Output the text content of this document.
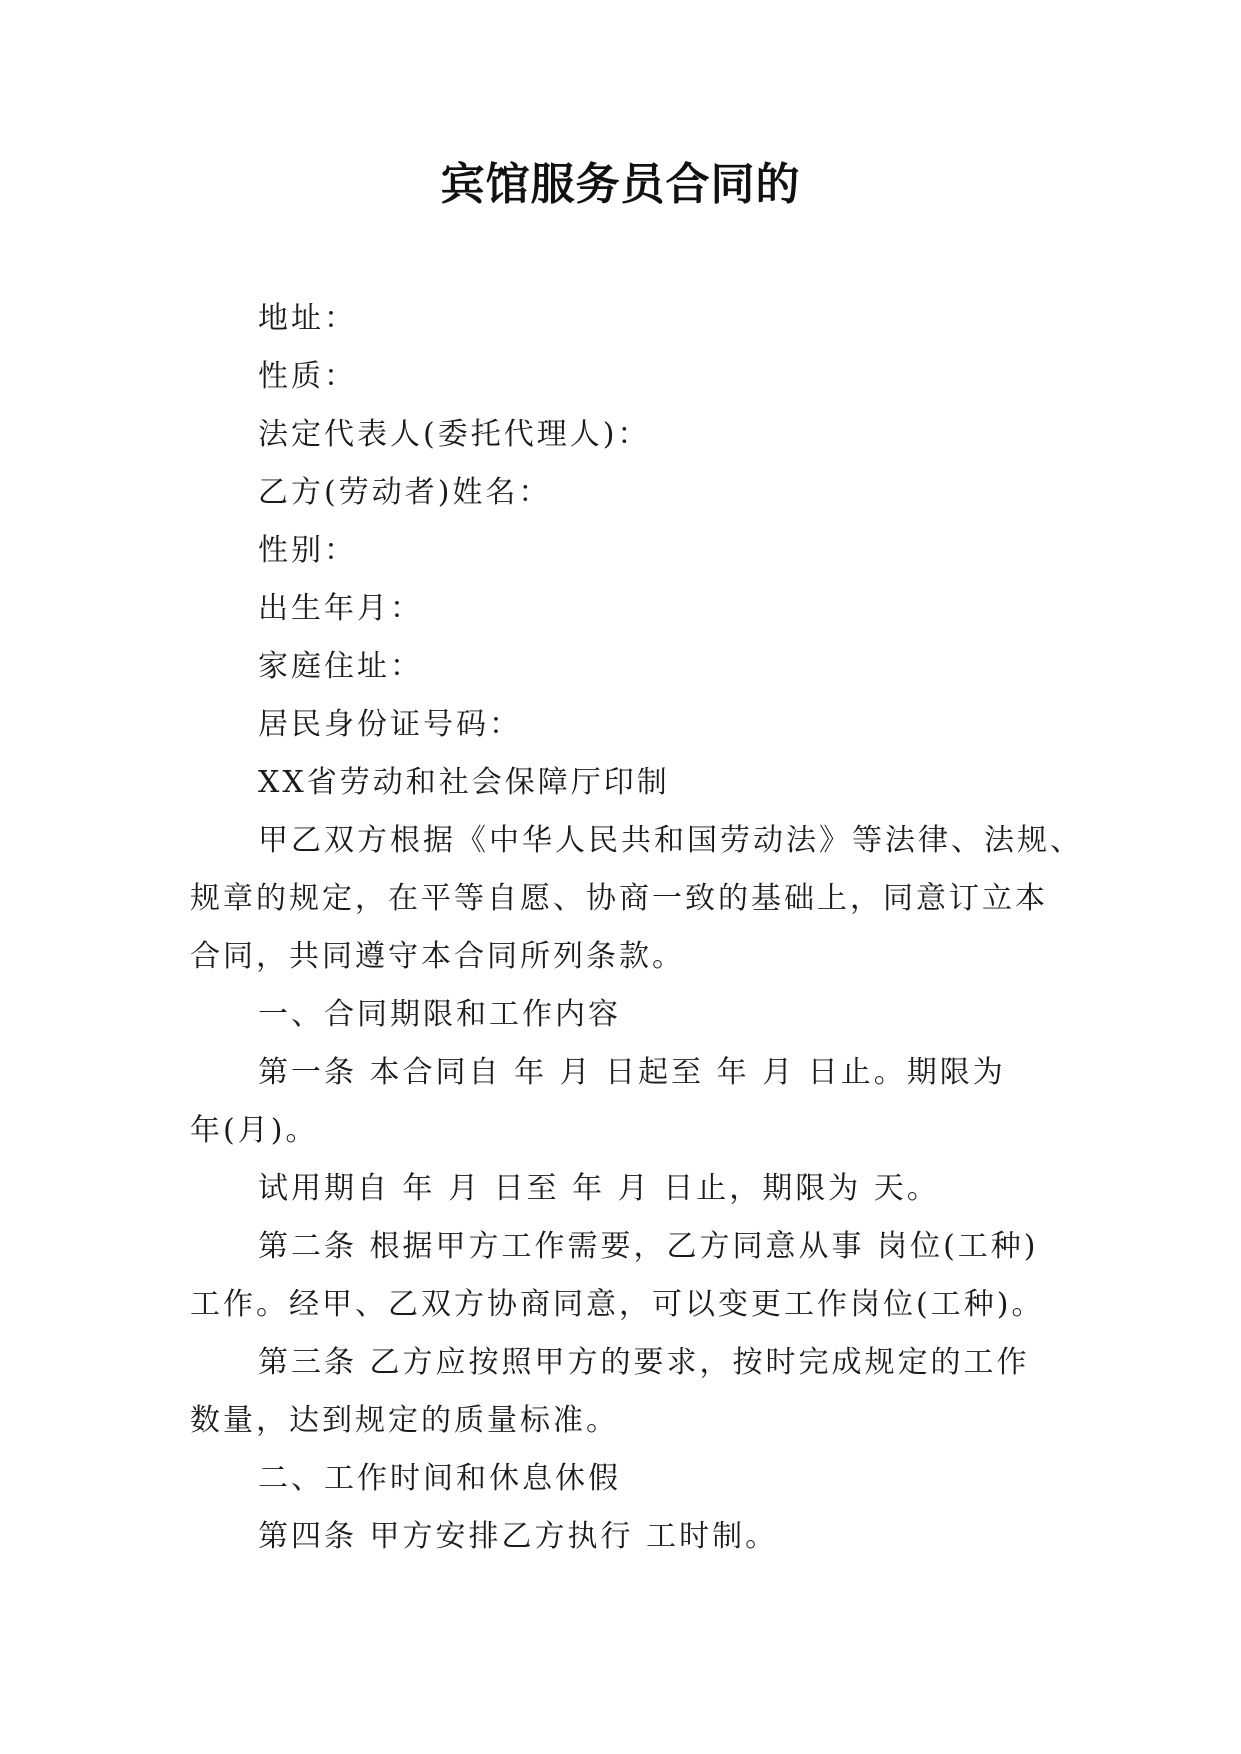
宾馆服务员合同的
地址：
性质：
法定代表人(委托代理人)：
乙方(劳动者)姓名：
性别：
出生年月：
家庭住址：
居民身份证号码：
XX省劳动和社会保障厅印制
甲乙双方根据《中华人民共和国劳动法》等法律、法规、
规章的规定，在平等自愿、协商一致的基础上，同意订立本
合同，共同遵守本合同所列条款。
一、合同期限和工作内容
第一条 本合同自 年 月 日起至 年 月 日止。期限为
年(月)。
试用期自 年 月 日至 年 月 日止，期限为 天。
第二条 根据甲方工作需要，乙方同意从事 岗位(工种)
工作。经甲、乙双方协商同意，可以变更工作岗位(工种)。
第三条 乙方应按照甲方的要求，按时完成规定的工作
数量，达到规定的质量标准。
二、工作时间和休息休假
第四条 甲方安排乙方执行 工时制。
